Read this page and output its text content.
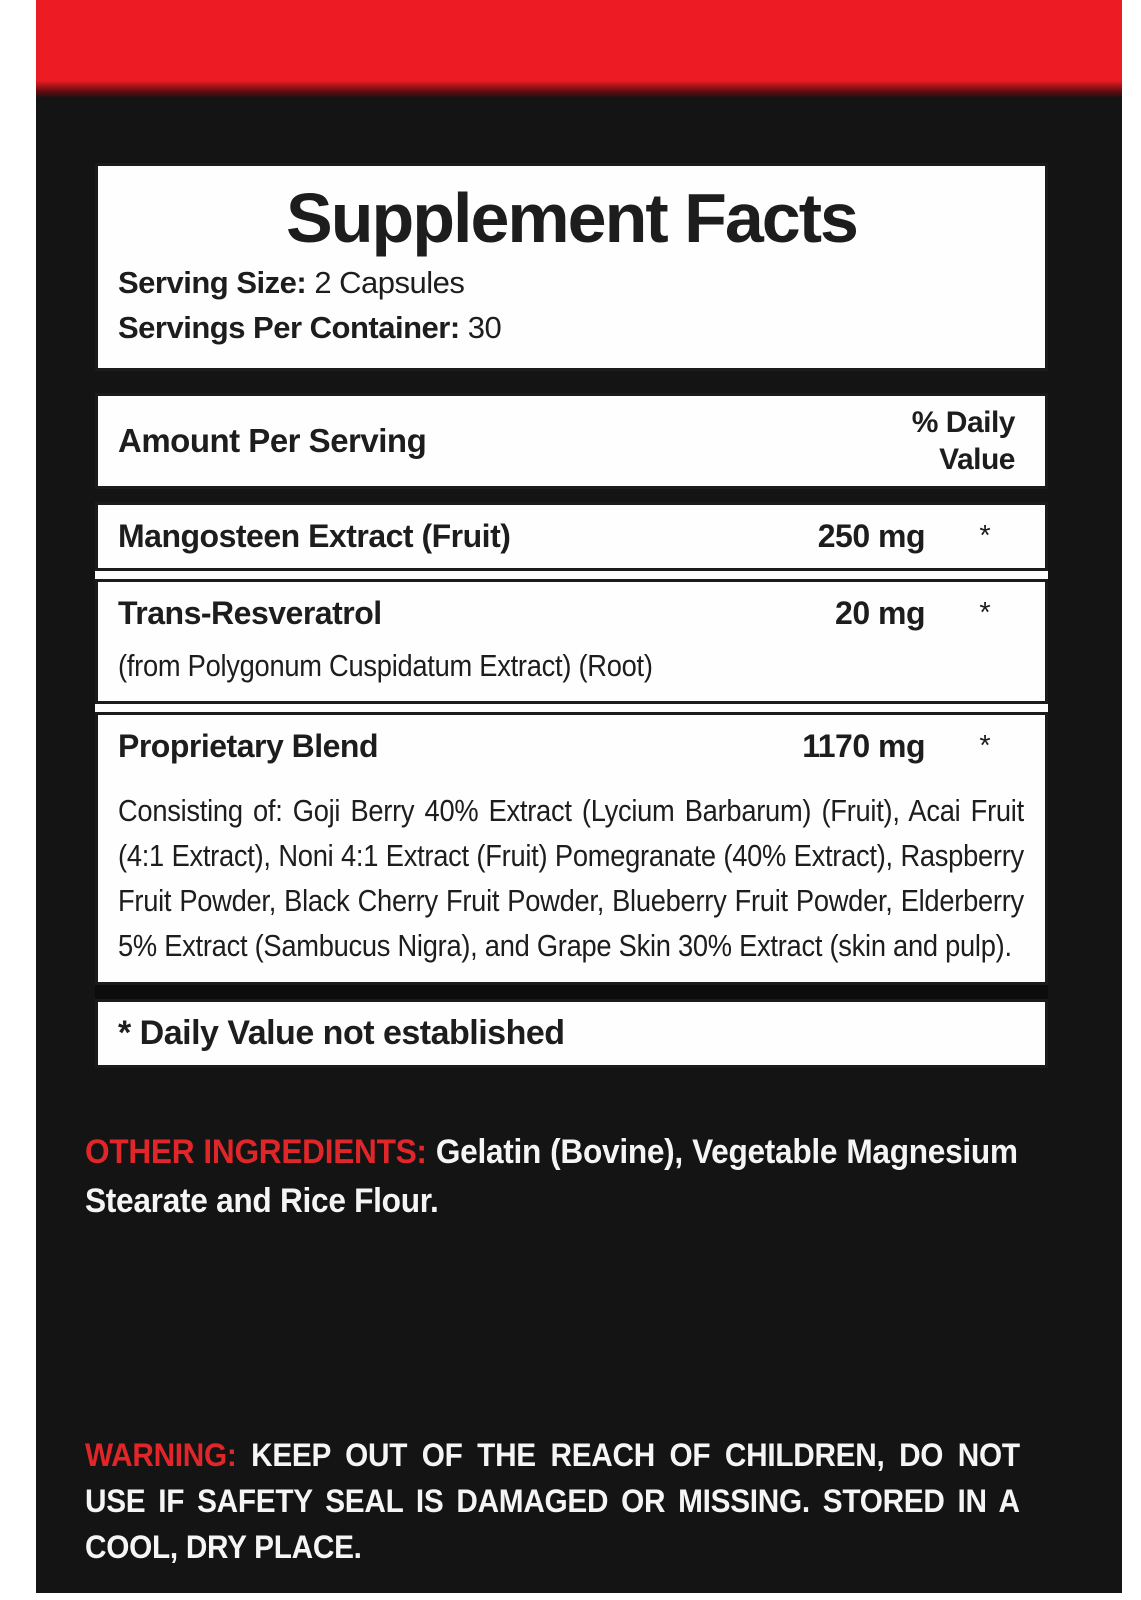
Supplement Facts
Serving Size: 2 Capsules
Servings Per Container: 30
Amount Per Serving	% Daily
Value
Mangosteen Extract (Fruit)	250 mg	*
Trans-Resveratrol	20 mg	*
(from Polygonum Cuspidatum Extract) (Root)
Proprietary Blend	1170 mg	*
Consisting of: Goji Berry 40% Extract (Lycium Barbarum) (Fruit), Acai Fruit (4:1 Extract), Noni 4:1 Extract (Fruit) Pomegranate (40% Extract), Raspberry Fruit Powder, Black Cherry Fruit Powder, Blueberry Fruit Powder, Elderberry 5% Extract (Sambucus Nigra), and Grape Skin 30% Extract (skin and pulp).
* Daily Value not established
OTHER INGREDIENTS: Gelatin (Bovine), Vegetable Magnesium Stearate and Rice Flour.
WARNING: KEEP OUT OF THE REACH OF CHILDREN, DO NOT USE IF SAFETY SEAL IS DAMAGED OR MISSING. STORED IN A COOL, DRY PLACE.
